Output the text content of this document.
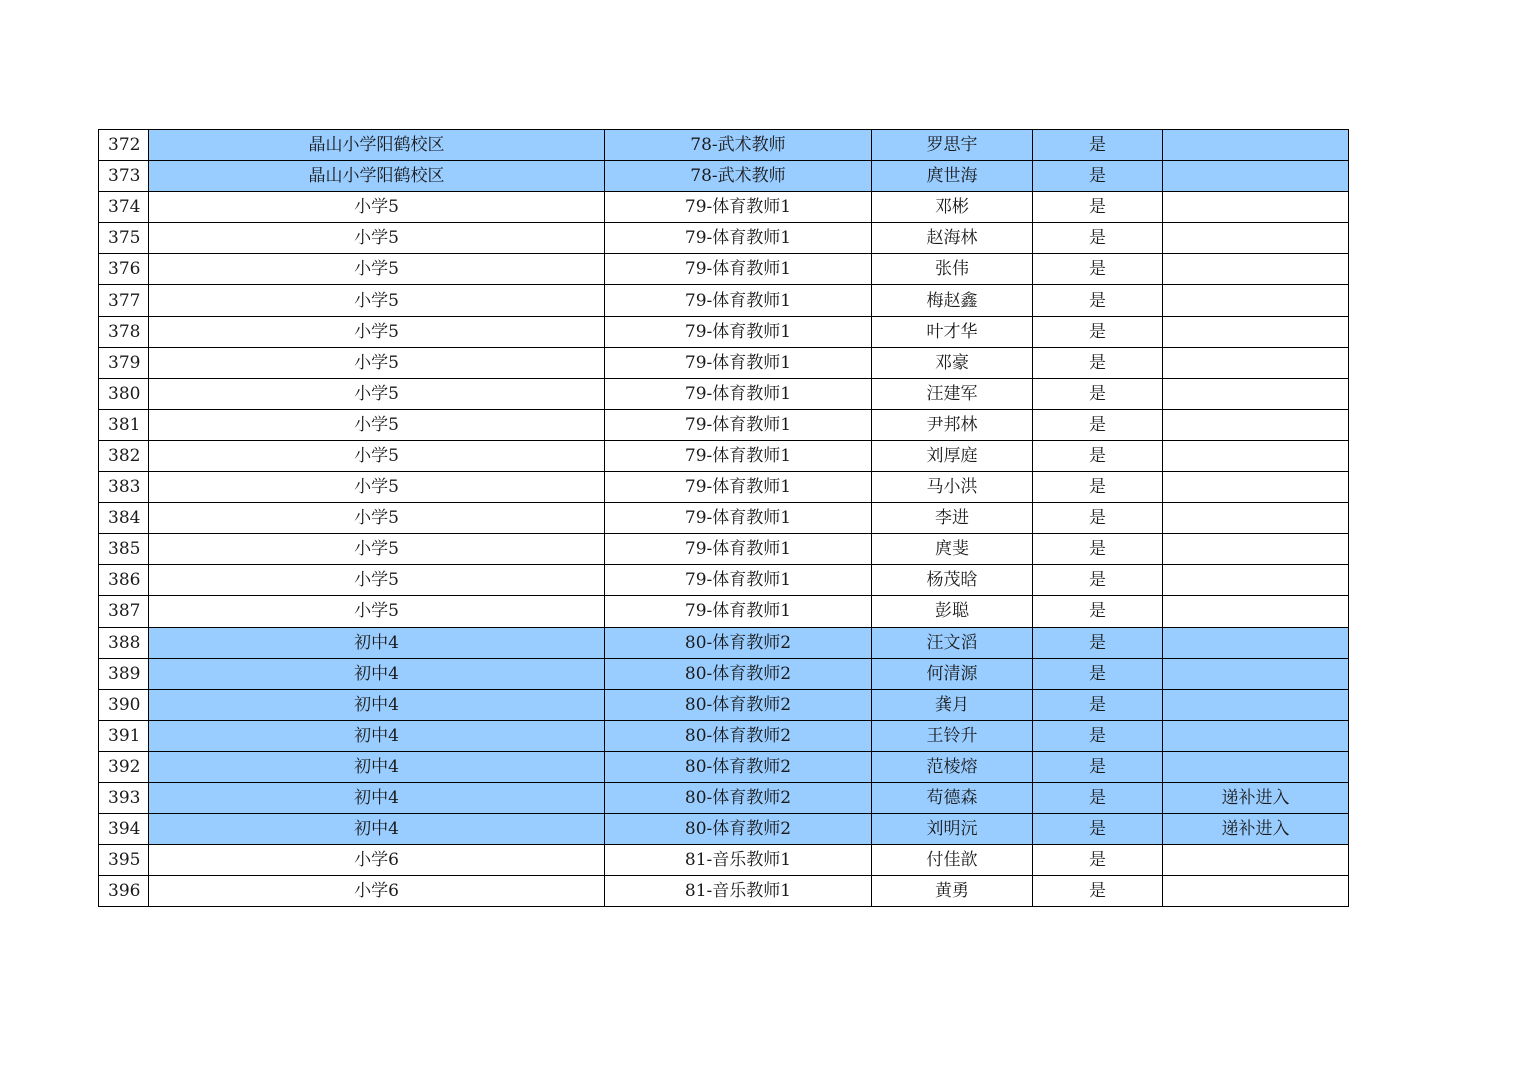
372	晶山小学阳鹤校区	78-武术教师	罗思宇	是	
373	晶山小学阳鹤校区	78-武术教师	庹世海	是	
374	小学5	79-体育教师1	邓彬	是	
375	小学5	79-体育教师1	赵海林	是	
376	小学5	79-体育教师1	张伟	是	
377	小学5	79-体育教师1	梅赵鑫	是	
378	小学5	79-体育教师1	叶才华	是	
379	小学5	79-体育教师1	邓豪	是	
380	小学5	79-体育教师1	汪建军	是	
381	小学5	79-体育教师1	尹邦林	是	
382	小学5	79-体育教师1	刘厚庭	是	
383	小学5	79-体育教师1	马小洪	是	
384	小学5	79-体育教师1	李进	是	
385	小学5	79-体育教师1	庹斐	是	
386	小学5	79-体育教师1	杨茂晗	是	
387	小学5	79-体育教师1	彭聪	是	
388	初中4	80-体育教师2	汪文滔	是	
389	初中4	80-体育教师2	何清源	是	
390	初中4	80-体育教师2	龚月	是	
391	初中4	80-体育教师2	王铃升	是	
392	初中4	80-体育教师2	范棱熔	是	
393	初中4	80-体育教师2	苟德森	是	递补进入
394	初中4	80-体育教师2	刘明沅	是	递补进入
395	小学6	81-音乐教师1	付佳歆	是	
396	小学6	81-音乐教师1	黄勇	是	
